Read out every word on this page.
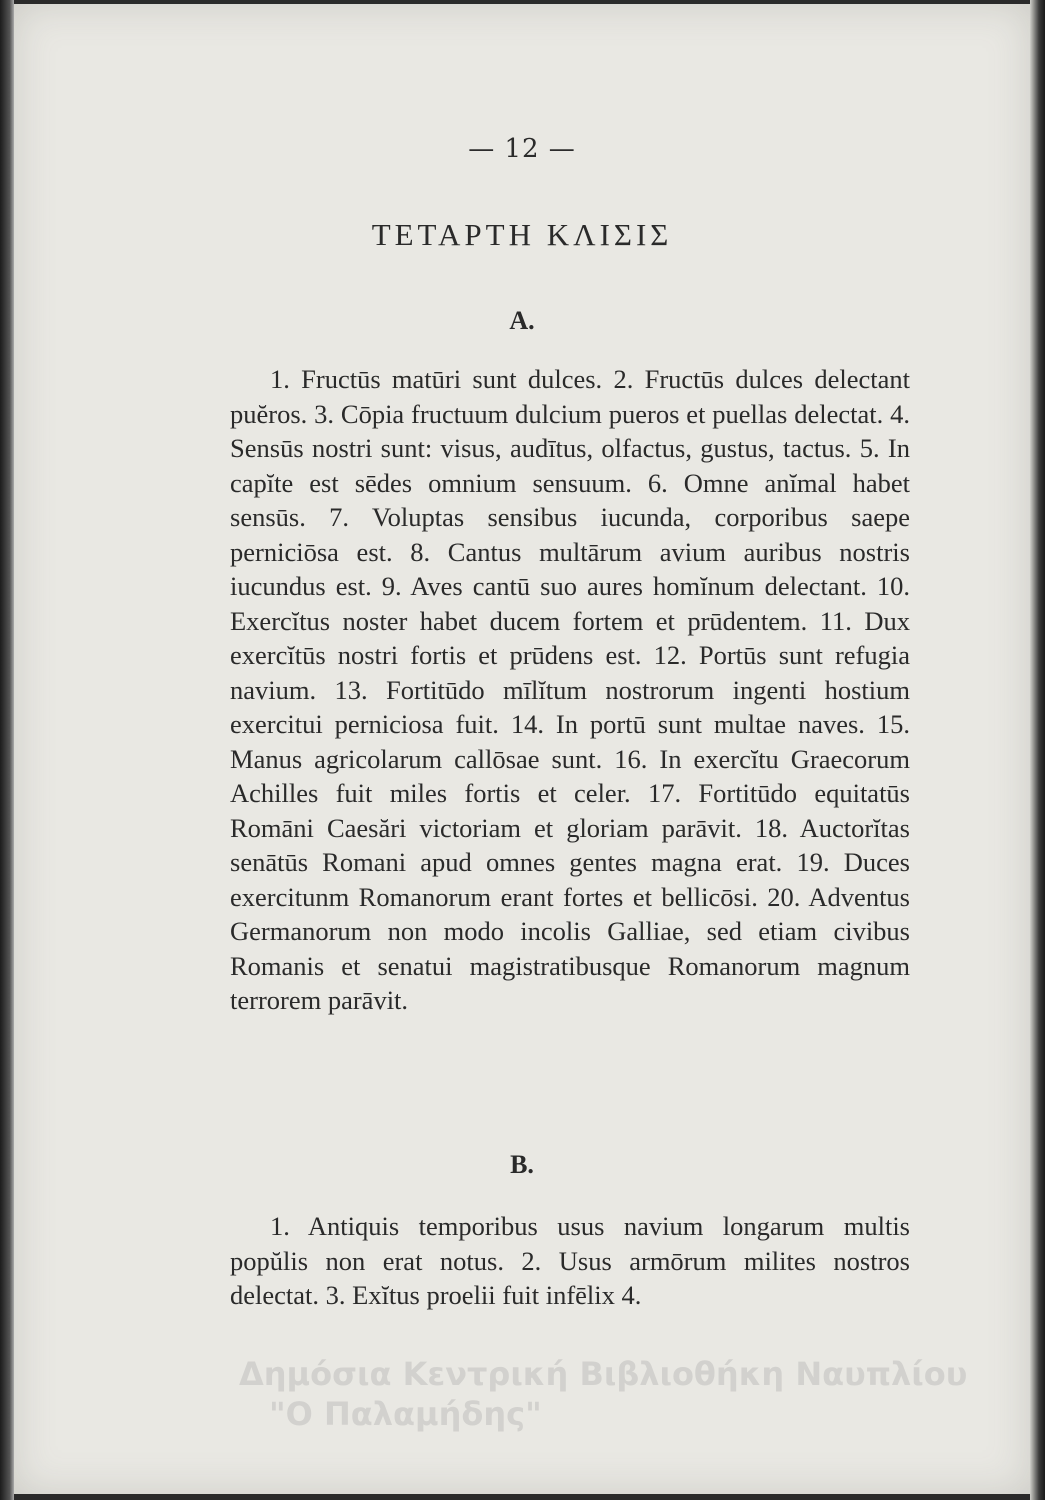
— 12 —
ΤΕΤΑΡΤΗ ΚΛΙΣΙΣ
A.

1. Fructūs matūri sunt dulces. 2. Fructūs dulces delectant puĕros. 3. Cōpia fructuum dulcium pueros et puellas delectat. 4. Sensūs nostri sunt: visus, audītus, olfactus, gustus, tactus. 5. In capĭte est sēdes omnium sensuum. 6. Omne anĭmal habet sensūs. 7. Voluptas sensibus iucunda, corporibus saepe perniciōsa est. 8. Cantus multārum avium auribus nostris iucundus est. 9. Aves cantū suo aures homĭnum delectant. 10. Exercĭtus noster habet ducem fortem et prūdentem. 11. Dux exercĭtūs nostri fortis et prūdens est. 12. Portūs sunt refugia navium. 13. Fortitūdo mīlĭtum nostrorum ingenti hostium exercitui perniciosa fuit. 14. In portū sunt multae naves. 15. Manus agricolarum callōsae sunt. 16. In exercĭtu Graecorum Achilles fuit miles fortis et celer. 17. Fortitūdo equitatūs Romāni Caesări victoriam et gloriam parāvit. 18. Auctorĭtas senātūs Romani apud omnes gentes magna erat. 19. Duces exercitunm Romanorum erant fortes et bellicōsi. 20. Adventus Germanorum non modo incolis Galliae, sed etiam civibus Romanis et senatui magistratibusque Romanorum magnum terrorem parāvit.

B.

1. Antiquis temporibus usus navium longarum multis popŭlis non erat notus. 2. Usus armōrum milites nostros delectat. 3. Exĭtus proelii fuit infēlix 4.

Δημόσια Κεντρική Βιβλιοθήκη Ναυπλίου
"Ο Παλαμήδης"
